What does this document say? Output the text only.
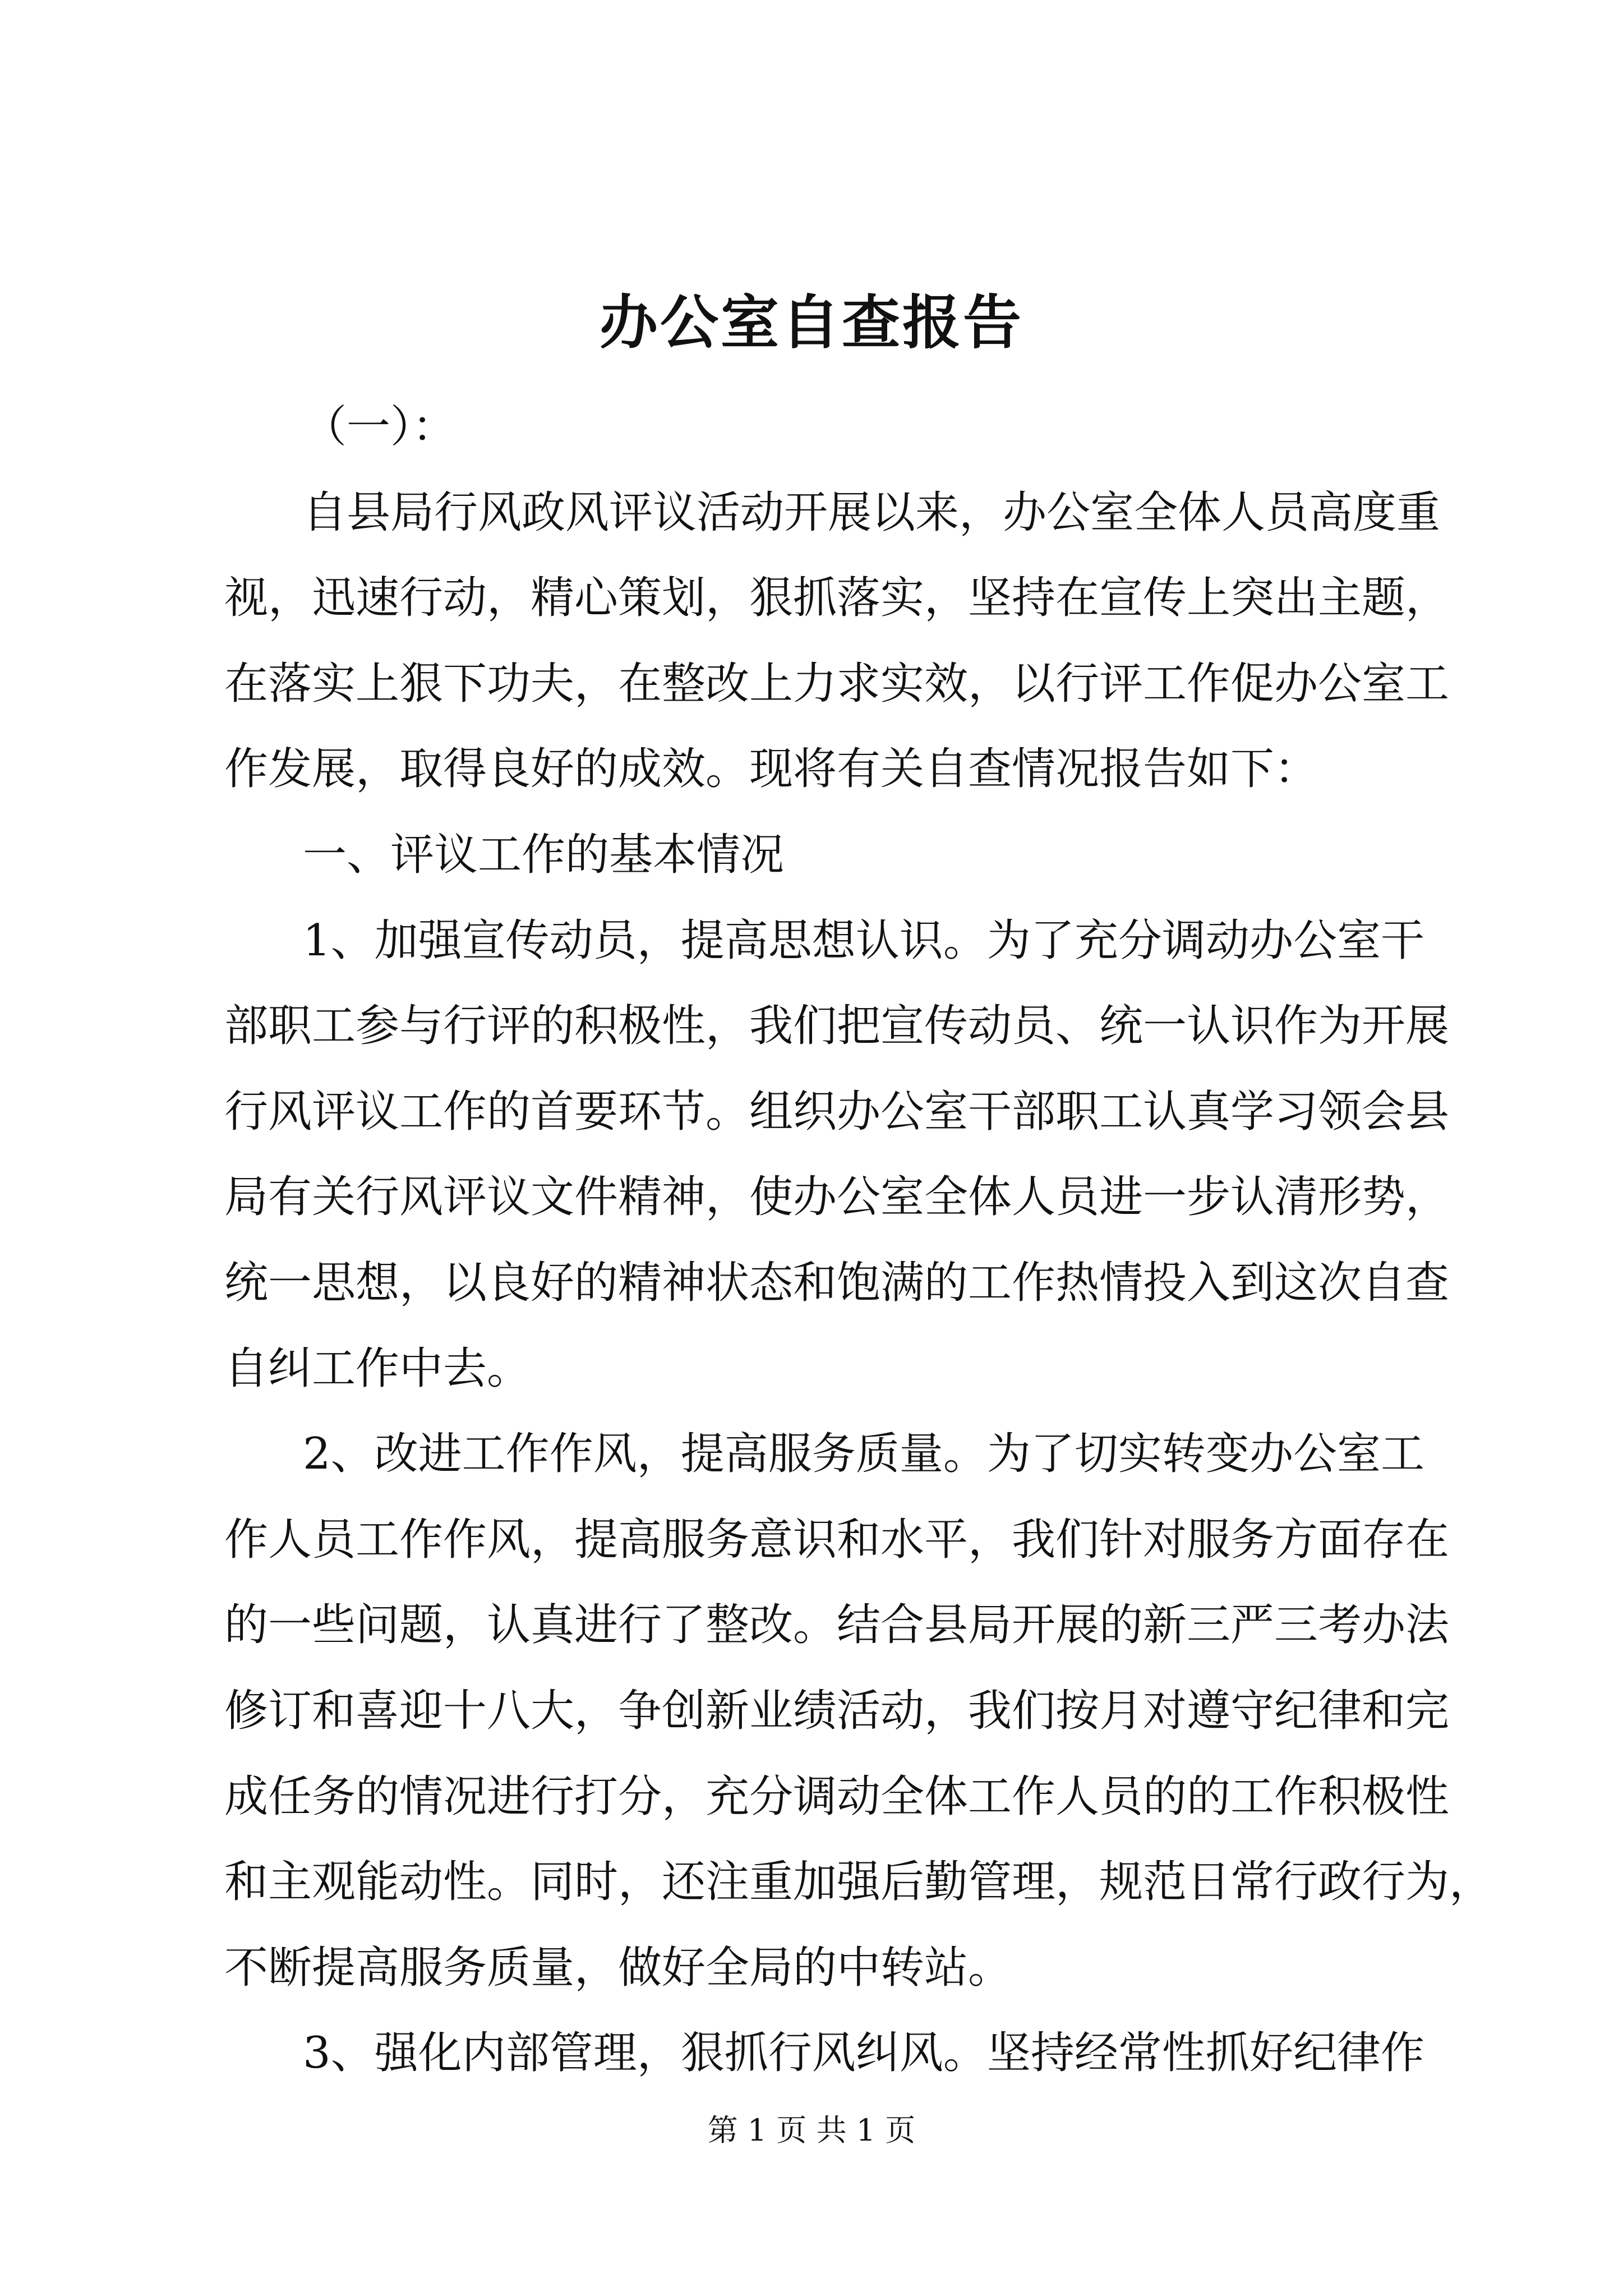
办公室自查报告
（一）：
自县局行风政风评议活动开展以来，办公室全体人员高度重
视，迅速行动，精心策划，狠抓落实，坚持在宣传上突出主题，
在落实上狠下功夫，在整改上力求实效，以行评工作促办公室工
作发展，取得良好的成效。现将有关自查情况报告如下：
一、评议工作的基本情况
1、加强宣传动员，提高思想认识。为了充分调动办公室干
部职工参与行评的积极性，我们把宣传动员、统一认识作为开展
行风评议工作的首要环节。组织办公室干部职工认真学习领会县
局有关行风评议文件精神，使办公室全体人员进一步认清形势，
统一思想，以良好的精神状态和饱满的工作热情投入到这次自查
自纠工作中去。
2、改进工作作风，提高服务质量。为了切实转变办公室工
作人员工作作风，提高服务意识和水平，我们针对服务方面存在
的一些问题，认真进行了整改。结合县局开展的新三严三考办法
修订和喜迎十八大，争创新业绩活动，我们按月对遵守纪律和完
成任务的情况进行打分，充分调动全体工作人员的的工作积极性
和主观能动性。同时，还注重加强后勤管理，规范日常行政行为，
不断提高服务质量，做好全局的中转站。
3、强化内部管理，狠抓行风纠风。坚持经常性抓好纪律作
第 1 页 共 1 页
